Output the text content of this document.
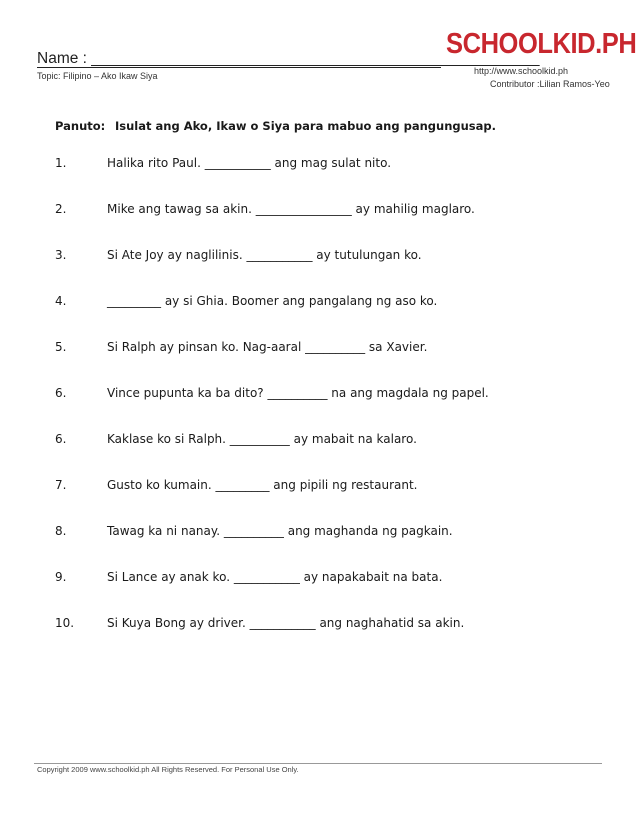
Name : ____________________________________________________
Topic: Filipino – Ako Ikaw Siya
SCHOOLKID.PH
http://www.schoolkid.ph
Contributor :Lilian Ramos-Yeo
Panuto: Isulat ang Ako, Ikaw o Siya para mabuo ang pangungusap.
1.	Halika rito Paul. ___________ ang mag sulat nito.
2.	Mike ang tawag sa akin. ________________ ay mahilig maglaro.
3.	Si Ate Joy ay naglilinis. ___________ ay tutulungan ko.
4.	_________ ay si Ghia. Boomer ang pangalang ng aso ko.
5.	Si Ralph ay pinsan ko. Nag-aaral __________ sa Xavier.
6.	Vince pupunta ka ba dito? __________ na ang magdala ng papel.
6.	Kaklase ko si Ralph. __________ ay mabait na kalaro.
7.	Gusto ko kumain. _________ ang pipili ng restaurant.
8.	Tawag ka ni nanay. __________ ang maghanda ng pagkain.
9.	Si Lance ay anak ko. ___________ ay napakabait na bata.
10.	Si Kuya Bong ay driver. ___________ ang naghahatid sa akin.
Copyright 2009 www.schoolkid.ph All Rights Reserved. For Personal Use Only.
